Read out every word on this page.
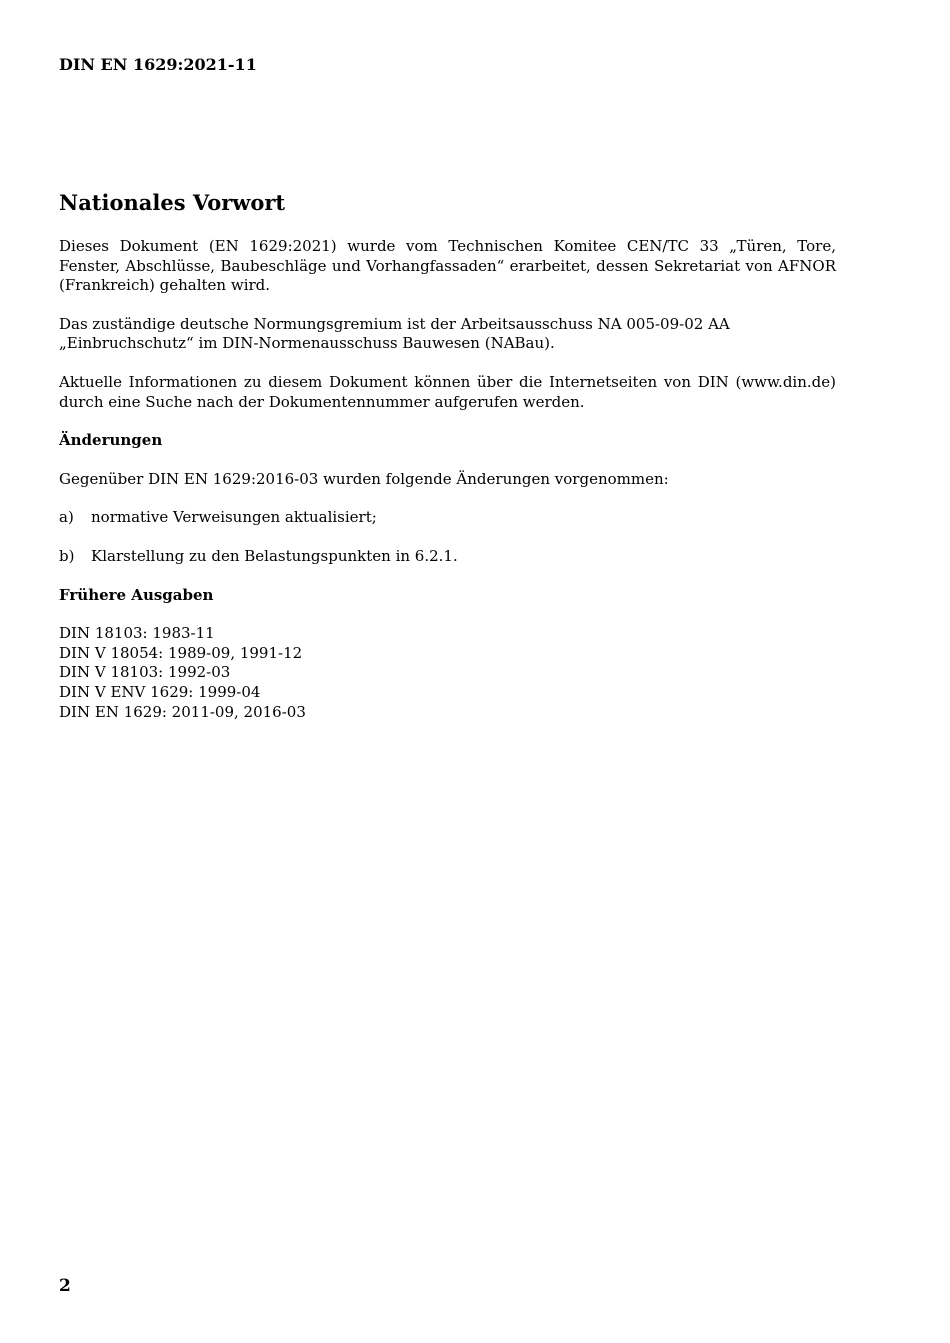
DIN EN 1629:2021-11
Nationales Vorwort

Dieses Dokument (EN 1629:2021) wurde vom Technischen Komitee CEN/TC 33 „Türen, Tore, Fenster, Abschlüsse, Baubeschläge und Vorhangfassaden“ erarbeitet, dessen Sekretariat von AFNOR (Frankreich) gehalten wird.

Das zuständige deutsche Normungsgremium ist der Arbeitsausschuss NA 005-09-02 AA „Einbruchschutz“ im DIN-Normenausschuss Bauwesen (NABau).

Aktuelle Informationen zu diesem Dokument können über die Internetseiten von DIN (www.din.de) durch eine Suche nach der Dokumentennummer aufgerufen werden.

Änderungen

Gegenüber DIN EN 1629:2016-03 wurden folgende Änderungen vorgenommen:

a)	normative Verweisungen aktualisiert;
b)	Klarstellung zu den Belastungspunkten in 6.2.1.
Frühere Ausgaben
DIN 18103: 1983-11
DIN V 18054: 1989-09, 1991-12
DIN V 18103: 1992-03
DIN V ENV 1629: 1999-04
DIN EN 1629: 2011-09, 2016-03
2
